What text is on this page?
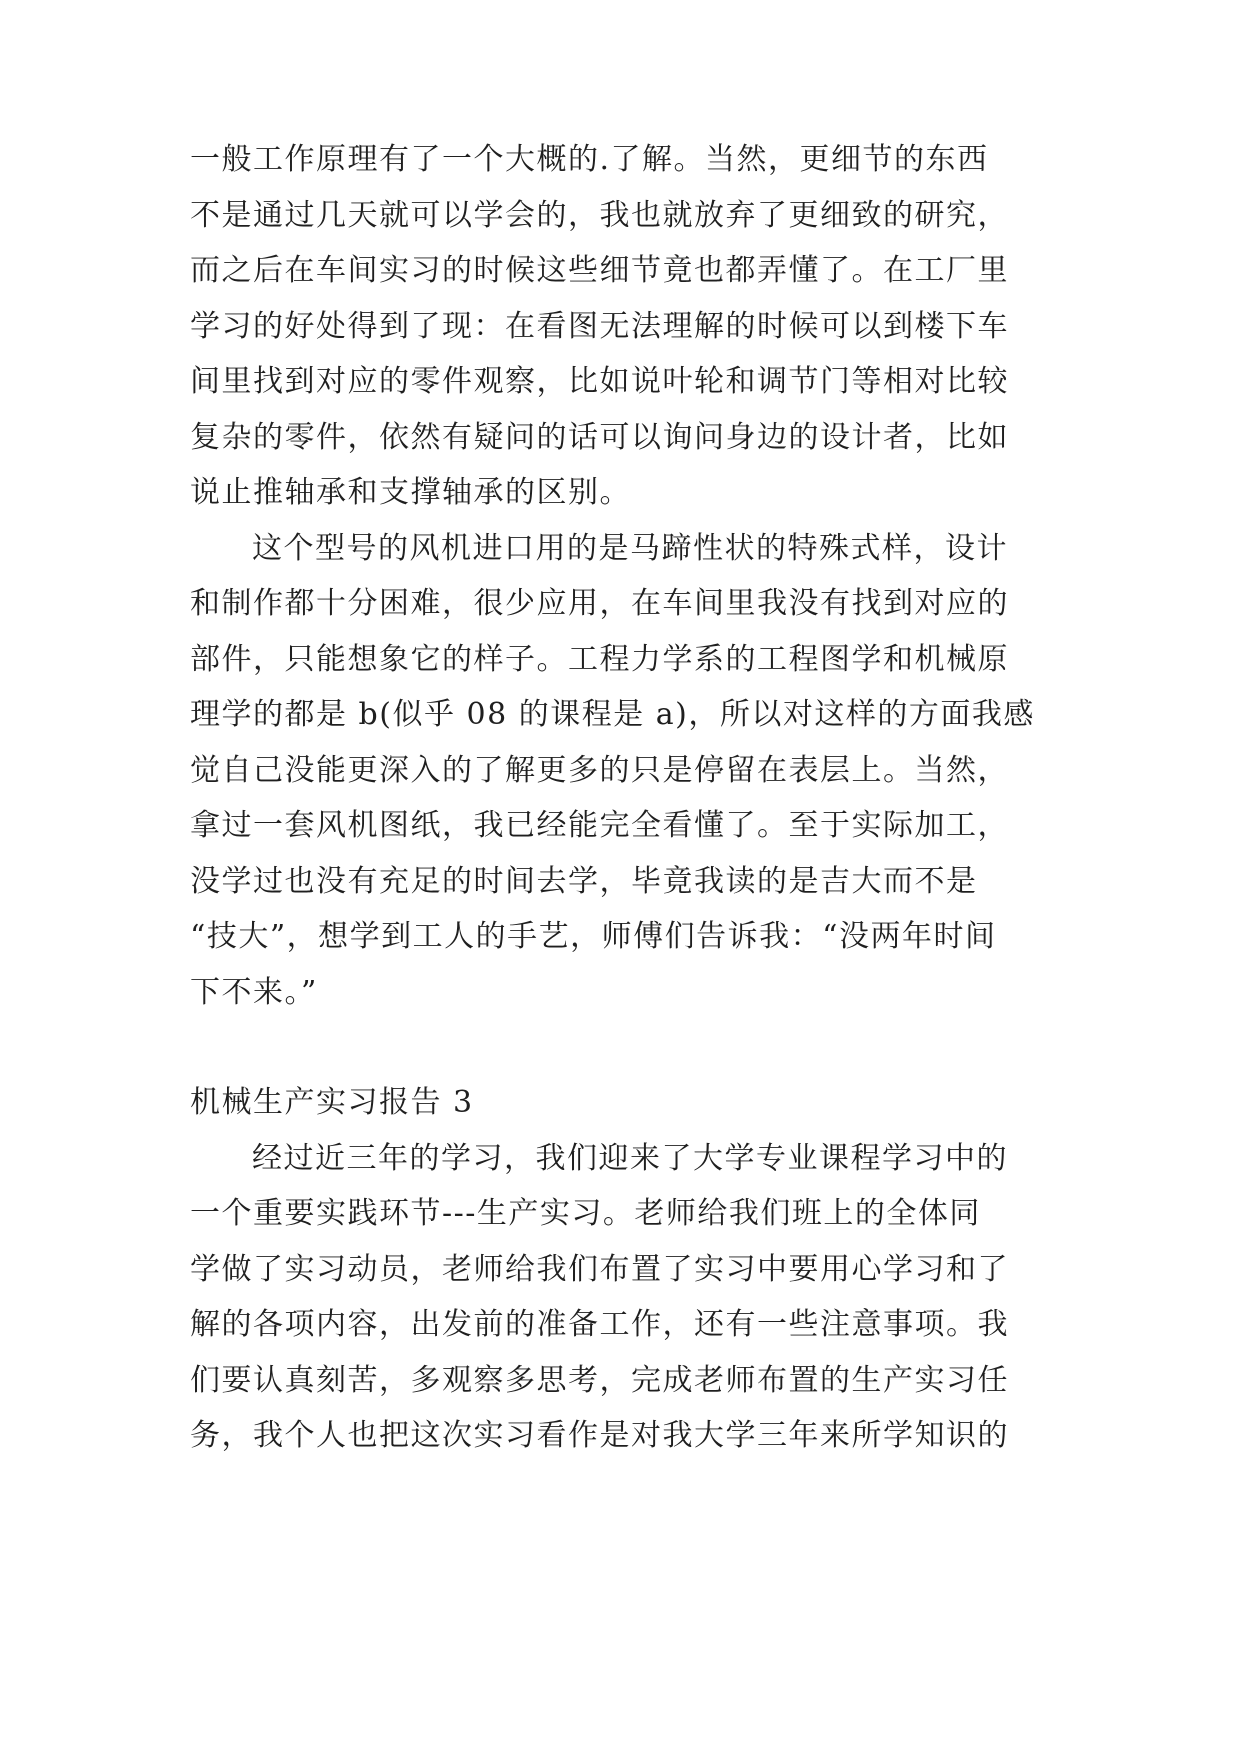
一般工作原理有了一个大概的.了解。当然，更细节的东西
不是通过几天就可以学会的，我也就放弃了更细致的研究，
而之后在车间实习的时候这些细节竟也都弄懂了。在工厂里
学习的好处得到了现：在看图无法理解的时候可以到楼下车
间里找到对应的零件观察，比如说叶轮和调节门等相对比较
复杂的零件，依然有疑问的话可以询问身边的设计者，比如
说止推轴承和支撑轴承的区别。
这个型号的风机进口用的是马蹄性状的特殊式样，设计
和制作都十分困难，很少应用，在车间里我没有找到对应的
部件，只能想象它的样子。工程力学系的工程图学和机械原
理学的都是 b(似乎 08 的课程是 a)，所以对这样的方面我感
觉自己没能更深入的了解更多的只是停留在表层上。当然，
拿过一套风机图纸，我已经能完全看懂了。至于实际加工，
没学过也没有充足的时间去学，毕竟我读的是吉大而不是
“技大”，想学到工人的手艺，师傅们告诉我：“没两年时间
下不来。”
机械生产实习报告 3
经过近三年的学习，我们迎来了大学专业课程学习中的
一个重要实践环节---生产实习。老师给我们班上的全体同
学做了实习动员，老师给我们布置了实习中要用心学习和了
解的各项内容，出发前的准备工作，还有一些注意事项。我
们要认真刻苦，多观察多思考，完成老师布置的生产实习任
务，我个人也把这次实习看作是对我大学三年来所学知识的
